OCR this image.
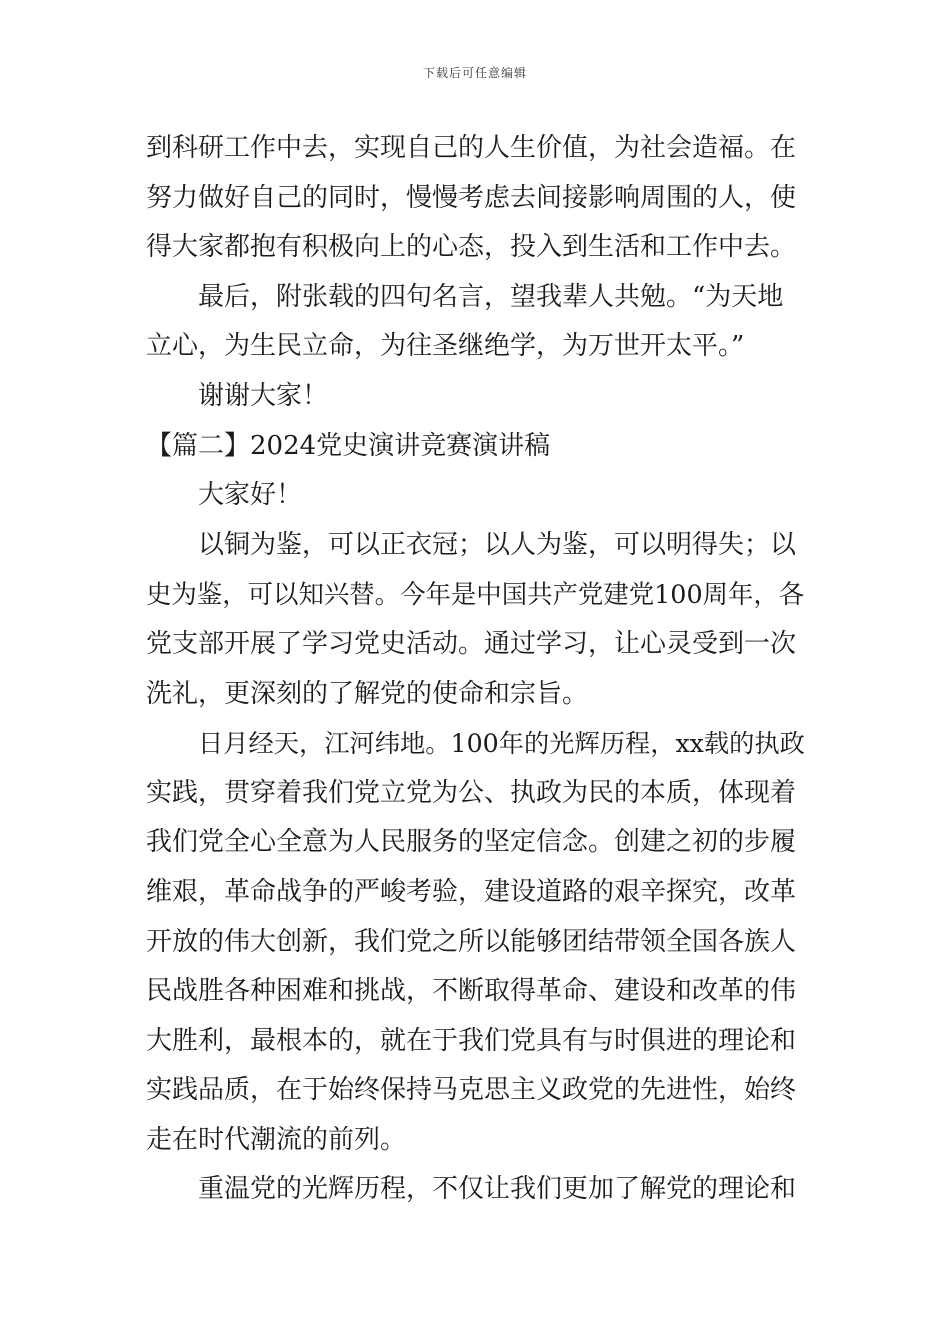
下载后可任意编辑
到科研工作中去，实现自己的人生价值，为社会造福。在
努力做好自己的同时，慢慢考虑去间接影响周围的人，使
得大家都抱有积极向上的心态，投入到生活和工作中去。
最后，附张载的四句名言，望我辈人共勉。“为天地
立心，为生民立命，为往圣继绝学，为万世开太平。”
谢谢大家！
【篇二】2024党史演讲竞赛演讲稿
大家好！
以铜为鉴，可以正衣冠；以人为鉴，可以明得失；以
史为鉴，可以知兴替。今年是中国共产党建党100周年，各
党支部开展了学习党史活动。通过学习，让心灵受到一次
洗礼，更深刻的了解党的使命和宗旨。
日月经天，江河纬地。100年的光辉历程，xx载的执政
实践，贯穿着我们党立党为公、执政为民的本质，体现着
我们党全心全意为人民服务的坚定信念。创建之初的步履
维艰，革命战争的严峻考验，建设道路的艰辛探究，改革
开放的伟大创新，我们党之所以能够团结带领全国各族人
民战胜各种困难和挑战，不断取得革命、建设和改革的伟
大胜利，最根本的，就在于我们党具有与时俱进的理论和
实践品质，在于始终保持马克思主义政党的先进性，始终
走在时代潮流的前列。
重温党的光辉历程，不仅让我们更加了解党的理论和
